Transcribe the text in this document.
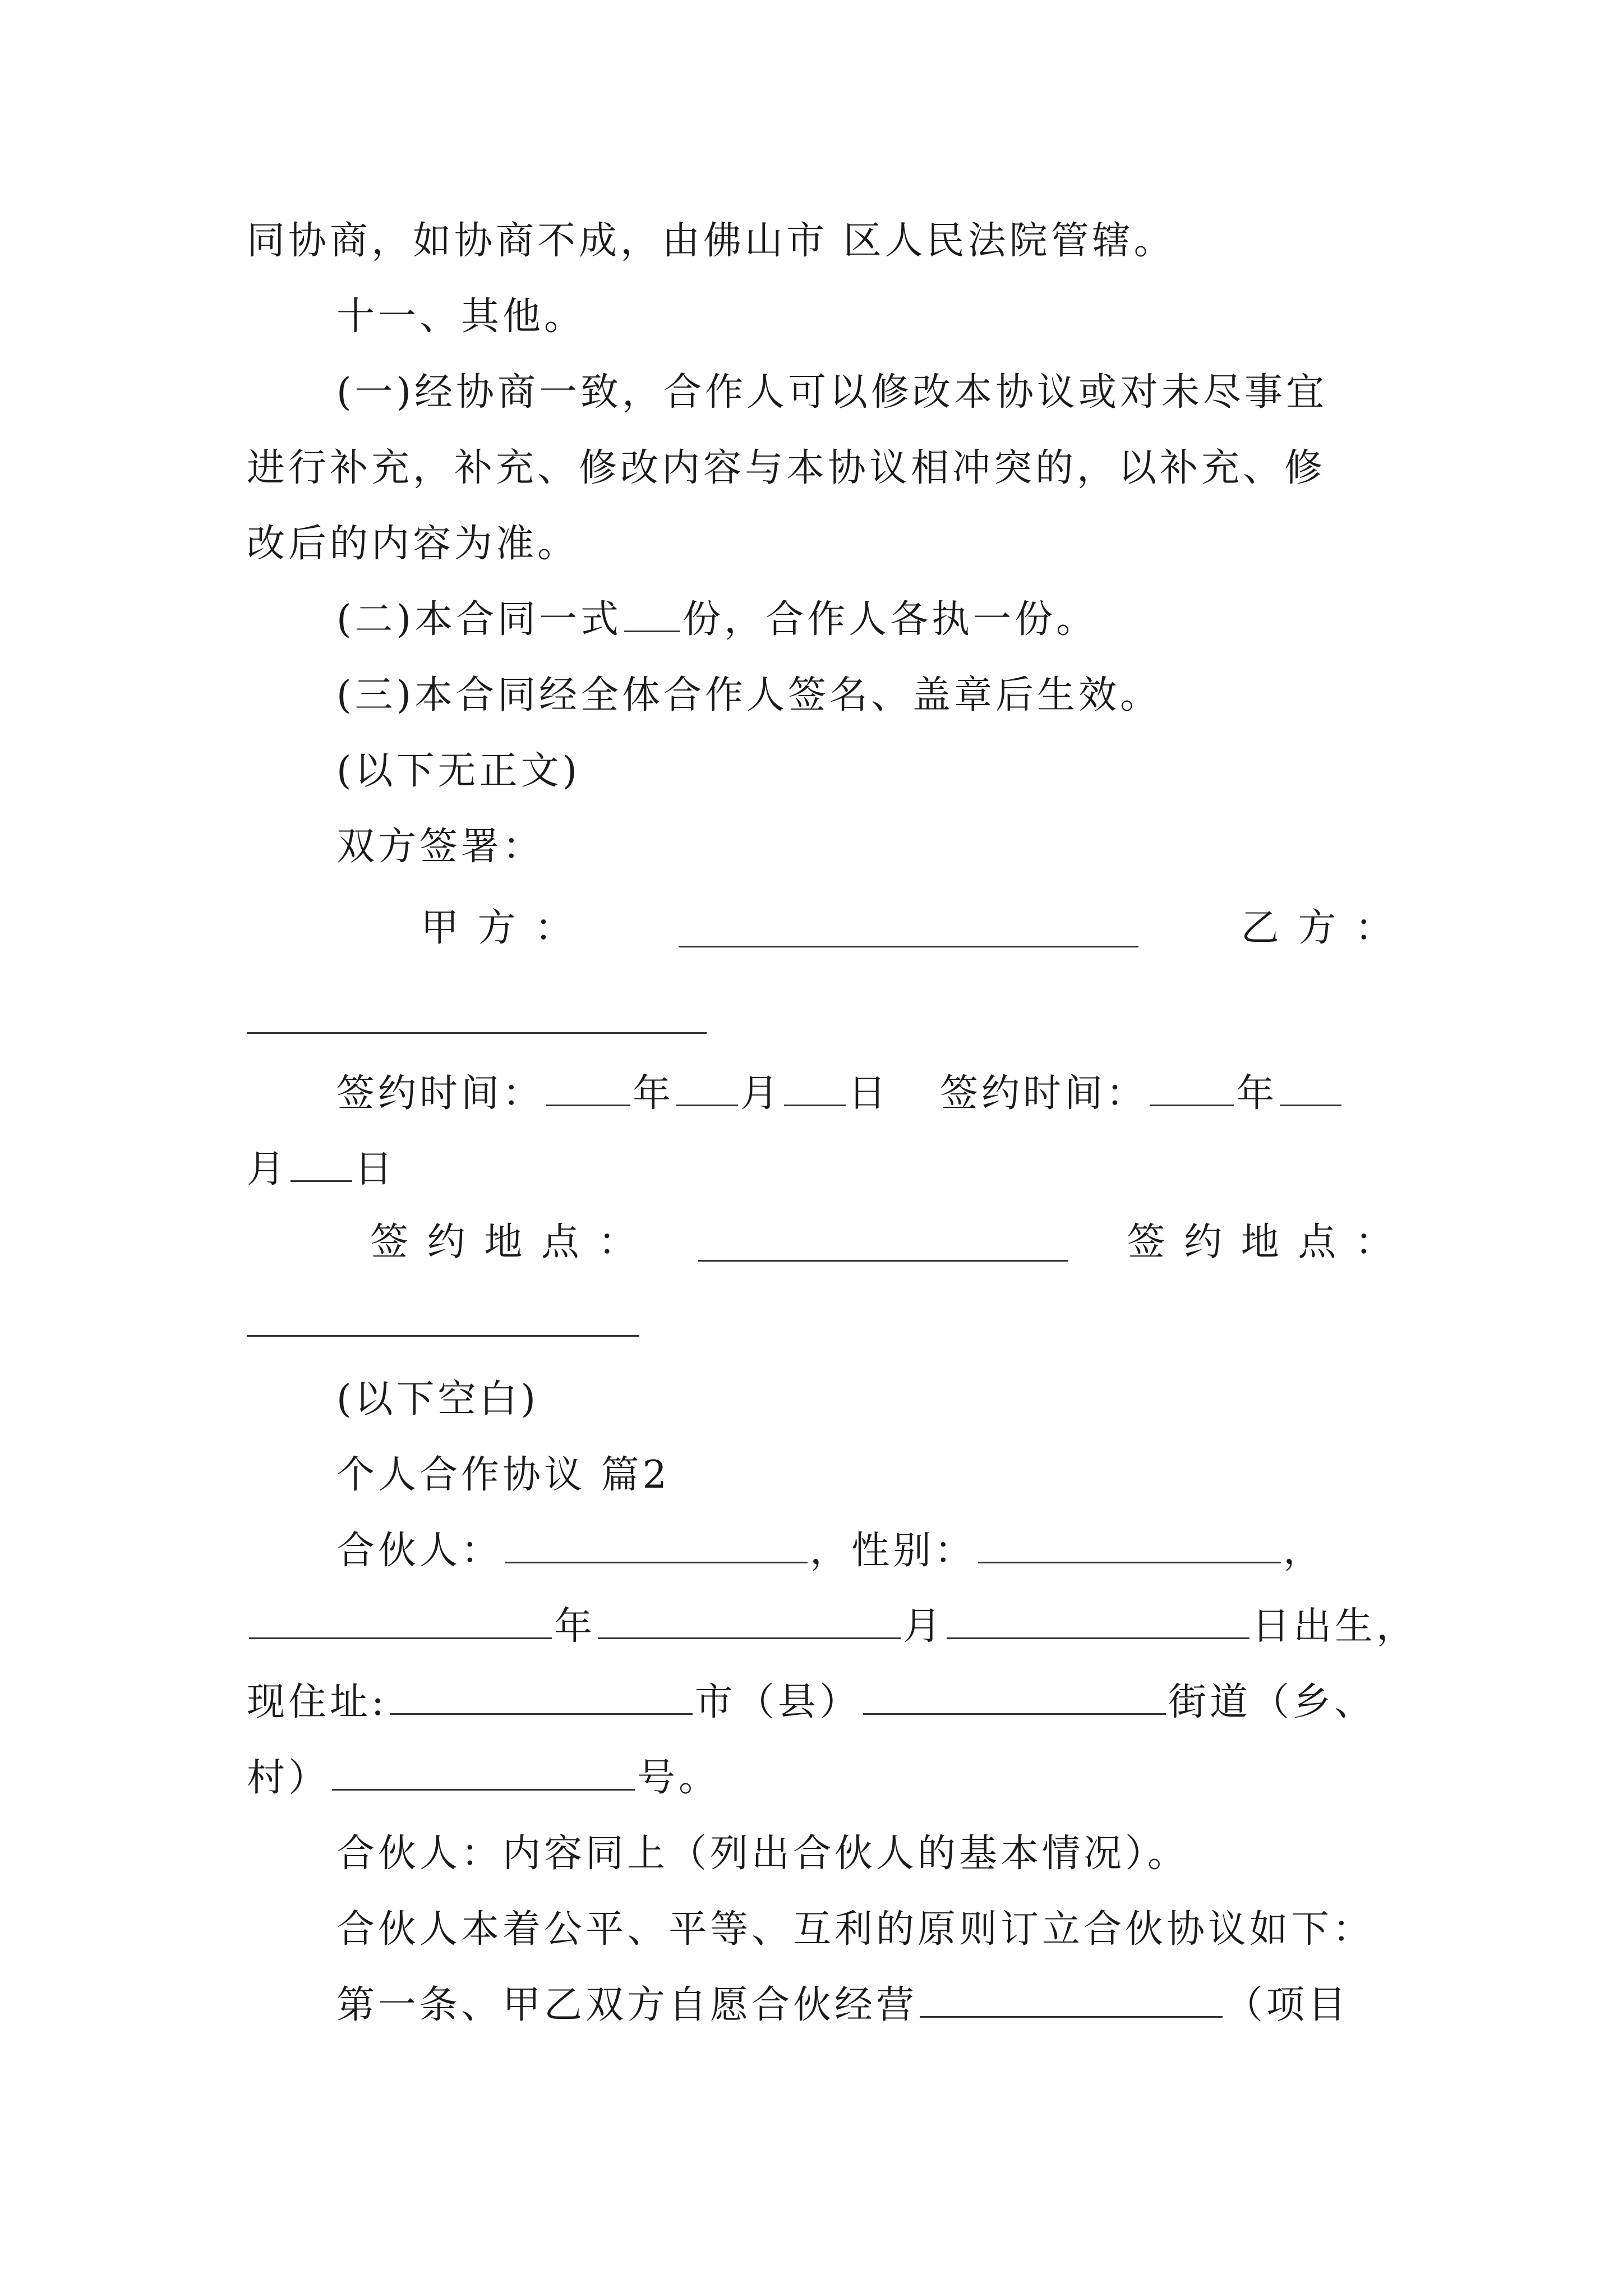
同协商，如协商不成，由佛山市 区人民法院管辖。
十一、其他。
(一)经协商一致，合作人可以修改本协议或对未尽事宜
进行补充，补充、修改内容与本协议相冲突的，以补充、修
改后的内容为准。
(二)本合同一式 份，合作人各执一份。
(三)本合同经全体合作人签名、盖章后生效。
(以下无正文)
双方签署：
甲 方 ：	乙 方 ：
签约时间： 年 月 日 签约时间： 年
月 日
签 约 地 点 ：	签 约 地 点 ：
(以下空白)
个人合作协议 篇2
合伙人：	，性别：	，
年	月	日出生，
现住址:	市（县）	街道（乡、
村）	号。
合伙人：内容同上（列出合伙人的基本情况）。
合伙人本着公平、平等、互利的原则订立合伙协议如下：
第一条、甲乙双方自愿合伙经营	（项目
